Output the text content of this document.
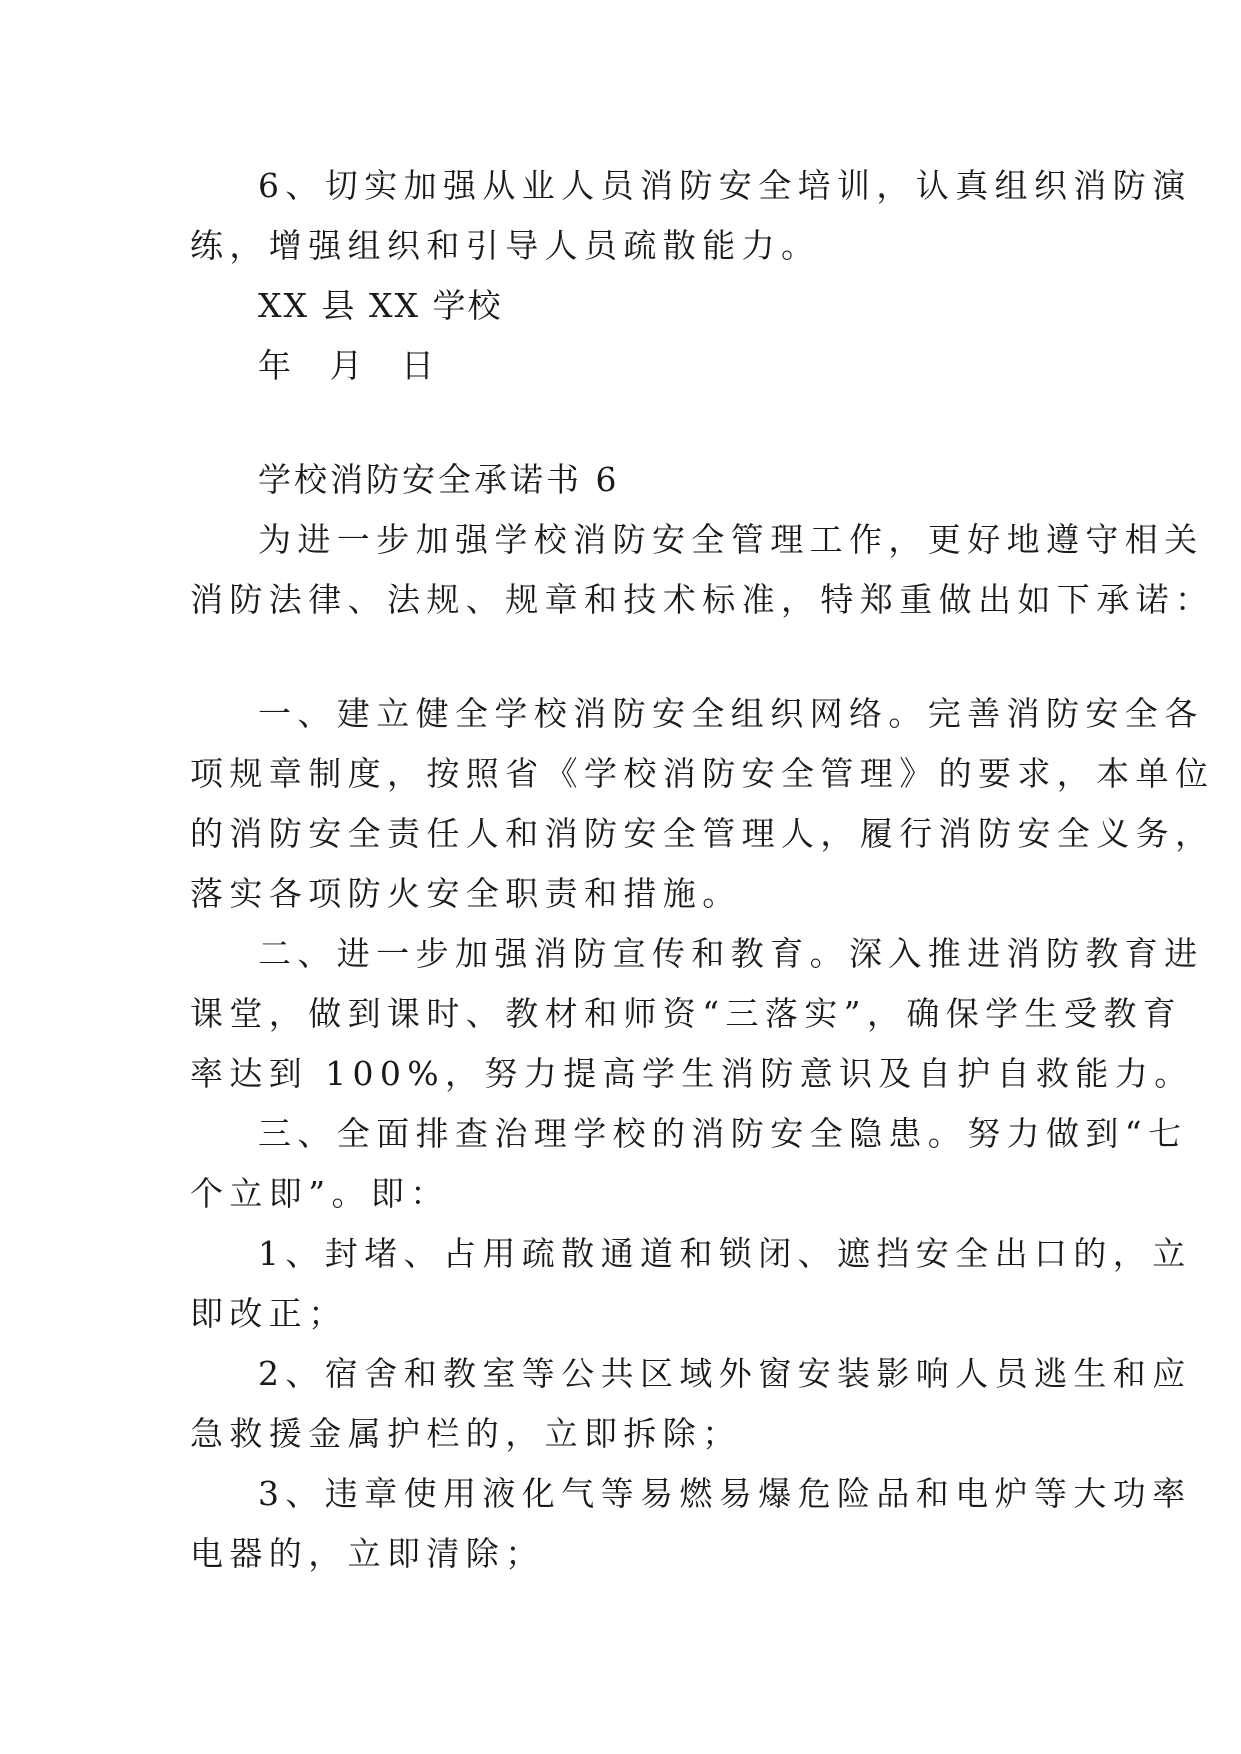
6、切实加强从业人员消防安全培训，认真组织消防演
练，增强组织和引导人员疏散能力。
XX 县 XX 学校
年 月 日
学校消防安全承诺书 6
为进一步加强学校消防安全管理工作，更好地遵守相关
消防法律、法规、规章和技术标准，特郑重做出如下承诺：
一、建立健全学校消防安全组织网络。完善消防安全各
项规章制度，按照省《学校消防安全管理》的要求，本单位
的消防安全责任人和消防安全管理人，履行消防安全义务，
落实各项防火安全职责和措施。
二、进一步加强消防宣传和教育。深入推进消防教育进
课堂，做到课时、教材和师资“三落实”，确保学生受教育
率达到 100%，努力提高学生消防意识及自护自救能力。
三、全面排查治理学校的消防安全隐患。努力做到“七
个立即”。即：
1、封堵、占用疏散通道和锁闭、遮挡安全出口的，立
即改正；
2、宿舍和教室等公共区域外窗安装影响人员逃生和应
急救援金属护栏的，立即拆除；
3、违章使用液化气等易燃易爆危险品和电炉等大功率
电器的，立即清除；
